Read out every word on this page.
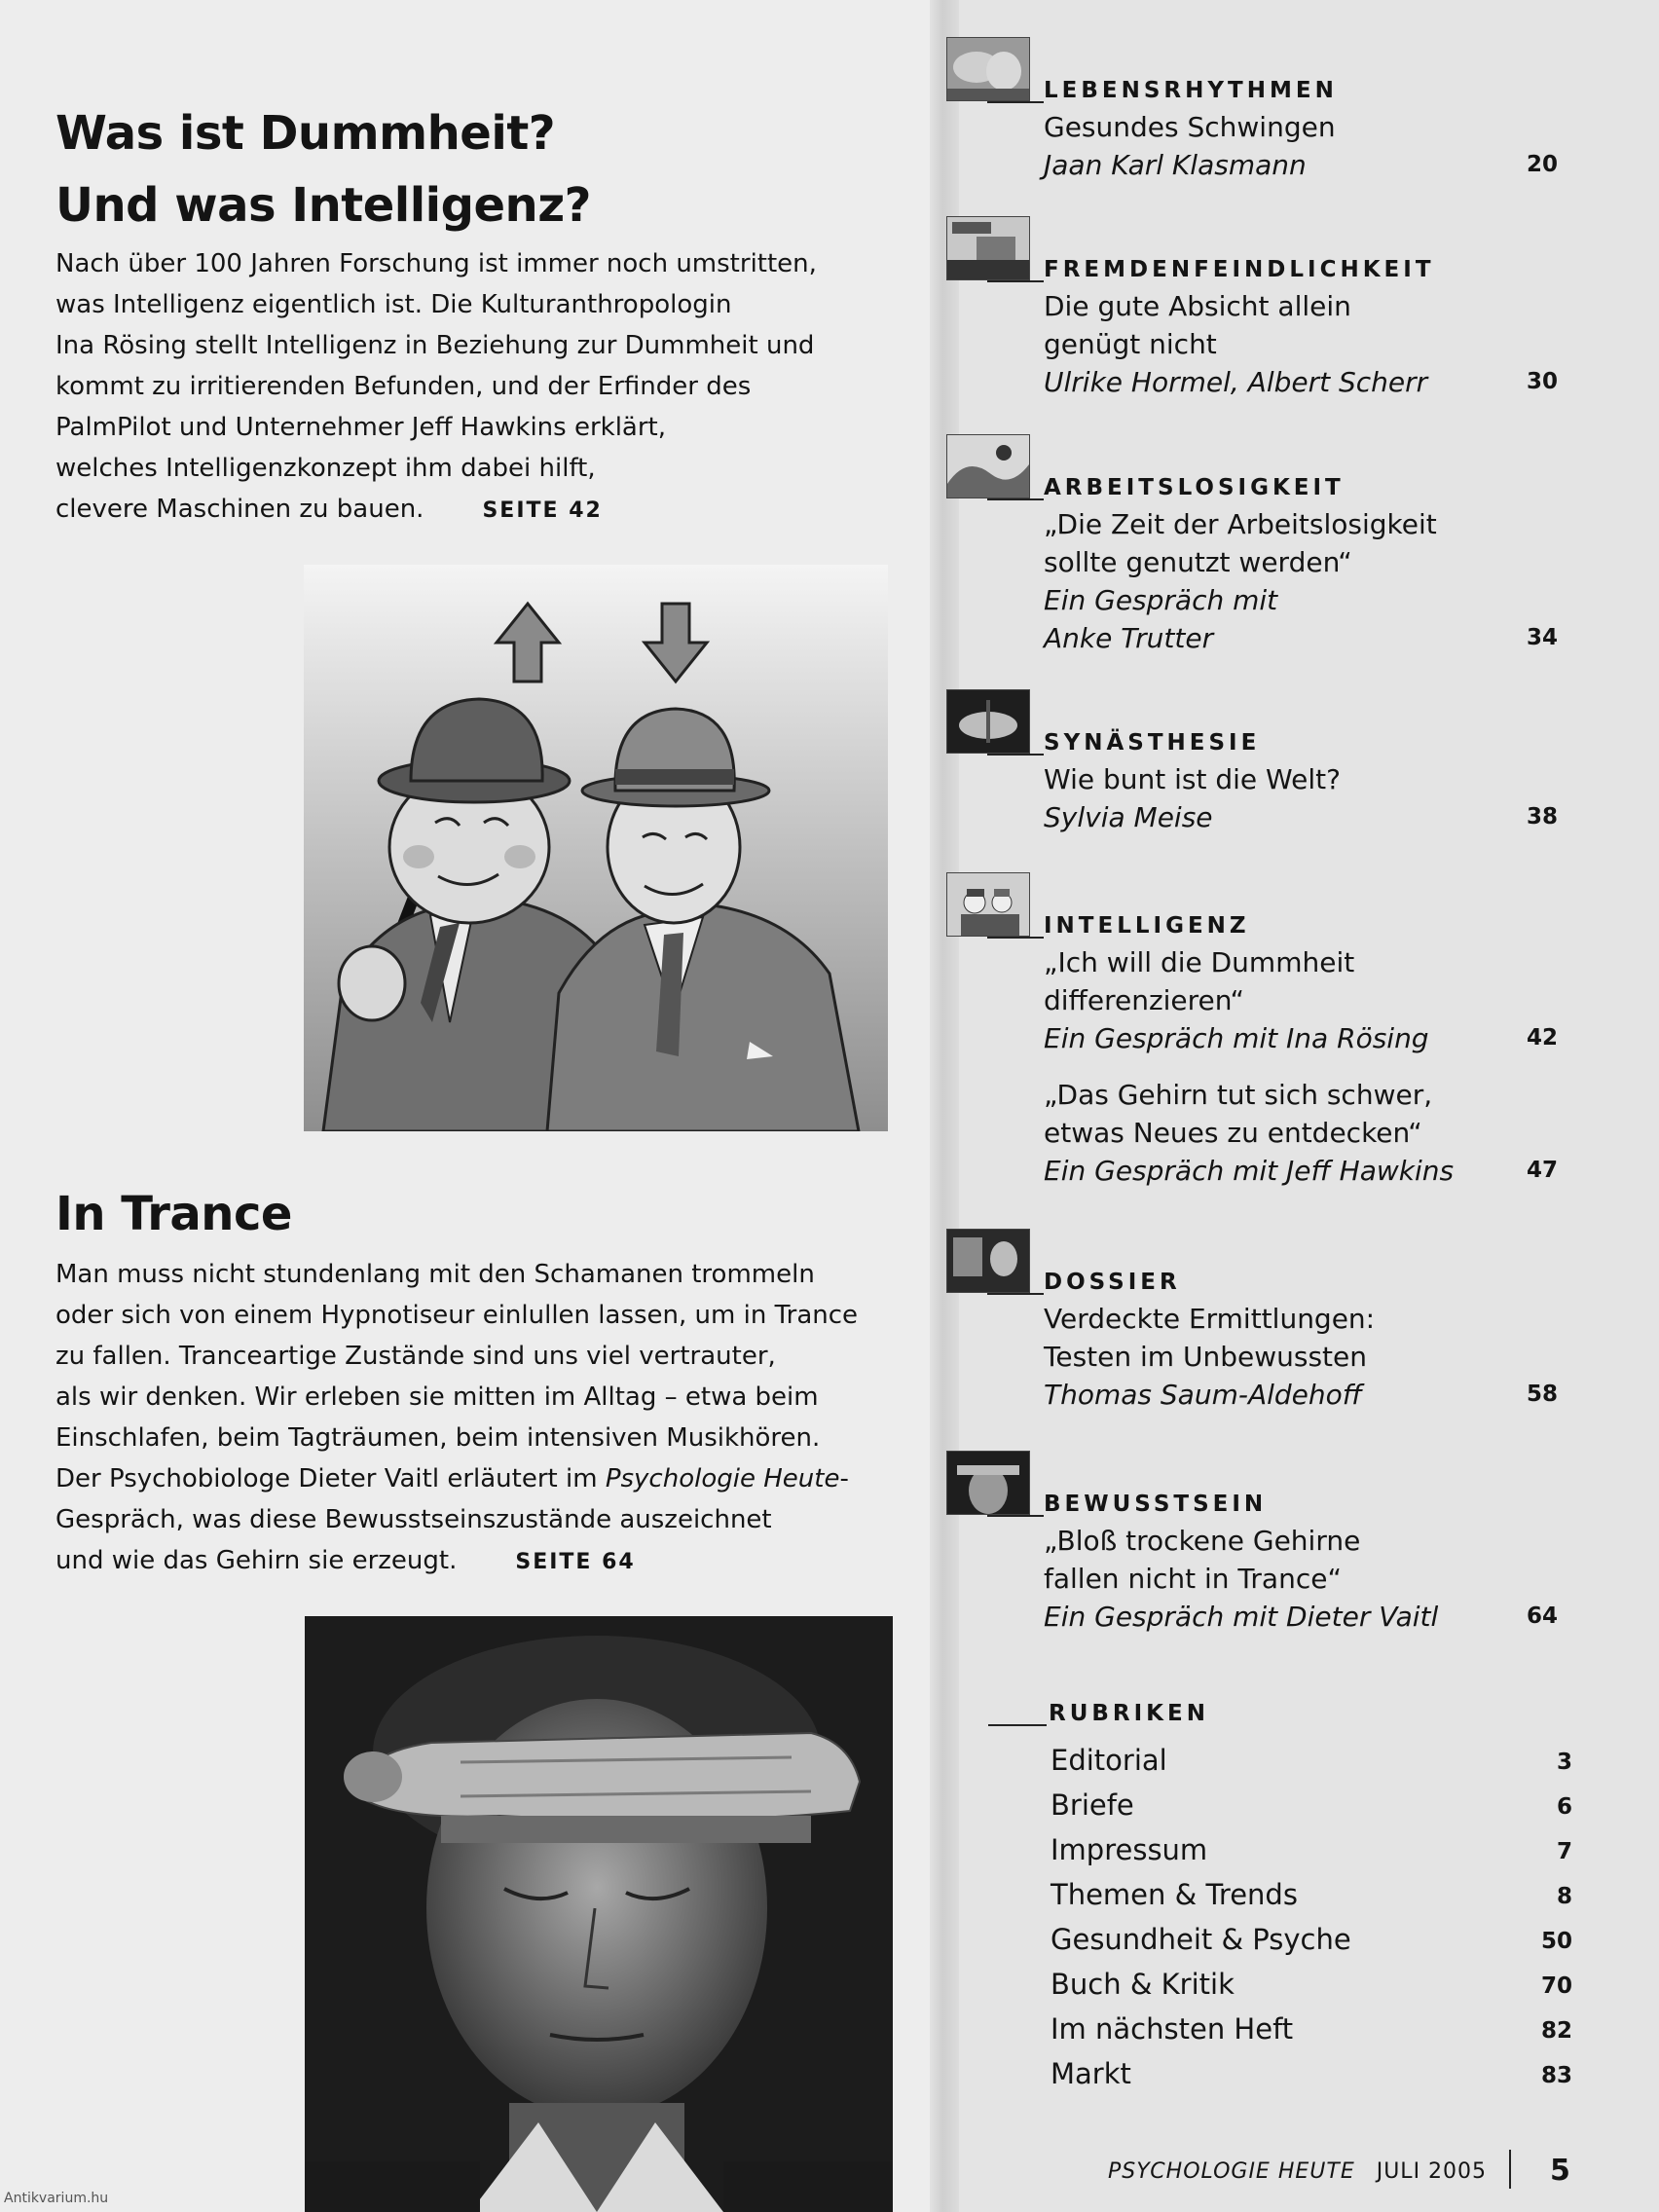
Was ist Dummheit?
Und was Intelligenz?

Nach über 100 Jahren Forschung ist immer noch umstritten,
was Intelligenz eigentlich ist. Die Kulturanthropologin
Ina Rösing stellt Intelligenz in Beziehung zur Dummheit und
kommt zu irritierenden Befunden, und der Erfinder des
PalmPilot und Unternehmer Jeff Hawkins erklärt,
welches Intelligenzkonzept ihm dabei hilft,
clevere Maschinen zu bauen.	SEITE 42

In Trance

Man muss nicht stundenlang mit den Schamanen trommeln
oder sich von einem Hypnotiseur einlullen lassen, um in Trance
zu fallen. Tranceartige Zustände sind uns viel vertrauter,
als wir denken. Wir erleben sie mitten im Alltag – etwa beim
Einschlafen, beim Tagträumen, beim intensiven Musikhören.
Der Psychobiologe Dieter Vaitl erläutert im Psychologie Heute-
Gespräch, was diese Bewusstseinszustände auszeichnet
und wie das Gehirn sie erzeugt.	SEITE 64

LEBENSRHYTHMEN
Gesundes Schwingen
Jaan Karl Klasmann	20
FREMDENFEINDLICHKEIT
Die gute Absicht allein
genügt nicht
Ulrike Hormel, Albert Scherr	30
ARBEITSLOSIGKEIT
„Die Zeit der Arbeitslosigkeit
sollte genutzt werden“
Ein Gespräch mit
Anke Trutter	34
SYNÄSTHESIE
Wie bunt ist die Welt?
Sylvia Meise	38
INTELLIGENZ
„Ich will die Dummheit
differenzieren“
Ein Gespräch mit Ina Rösing	42
„Das Gehirn tut sich schwer,
etwas Neues zu entdecken“
Ein Gespräch mit Jeff Hawkins	47
DOSSIER
Verdeckte Ermittlungen:
Testen im Unbewussten
Thomas Saum-Aldehoff	58
BEWUSSTSEIN
„Bloß trockene Gehirne
fallen nicht in Trance“
Ein Gespräch mit Dieter Vaitl	64
RUBRIKEN
Editorial	3
Briefe	6
Impressum	7
Themen & Trends	8
Gesundheit & Psyche	50
Buch & Kritik	70
Im nächsten Heft	82
Markt	83
PSYCHOLOGIE HEUTE JULI 2005 5
Antikvarium.hu
